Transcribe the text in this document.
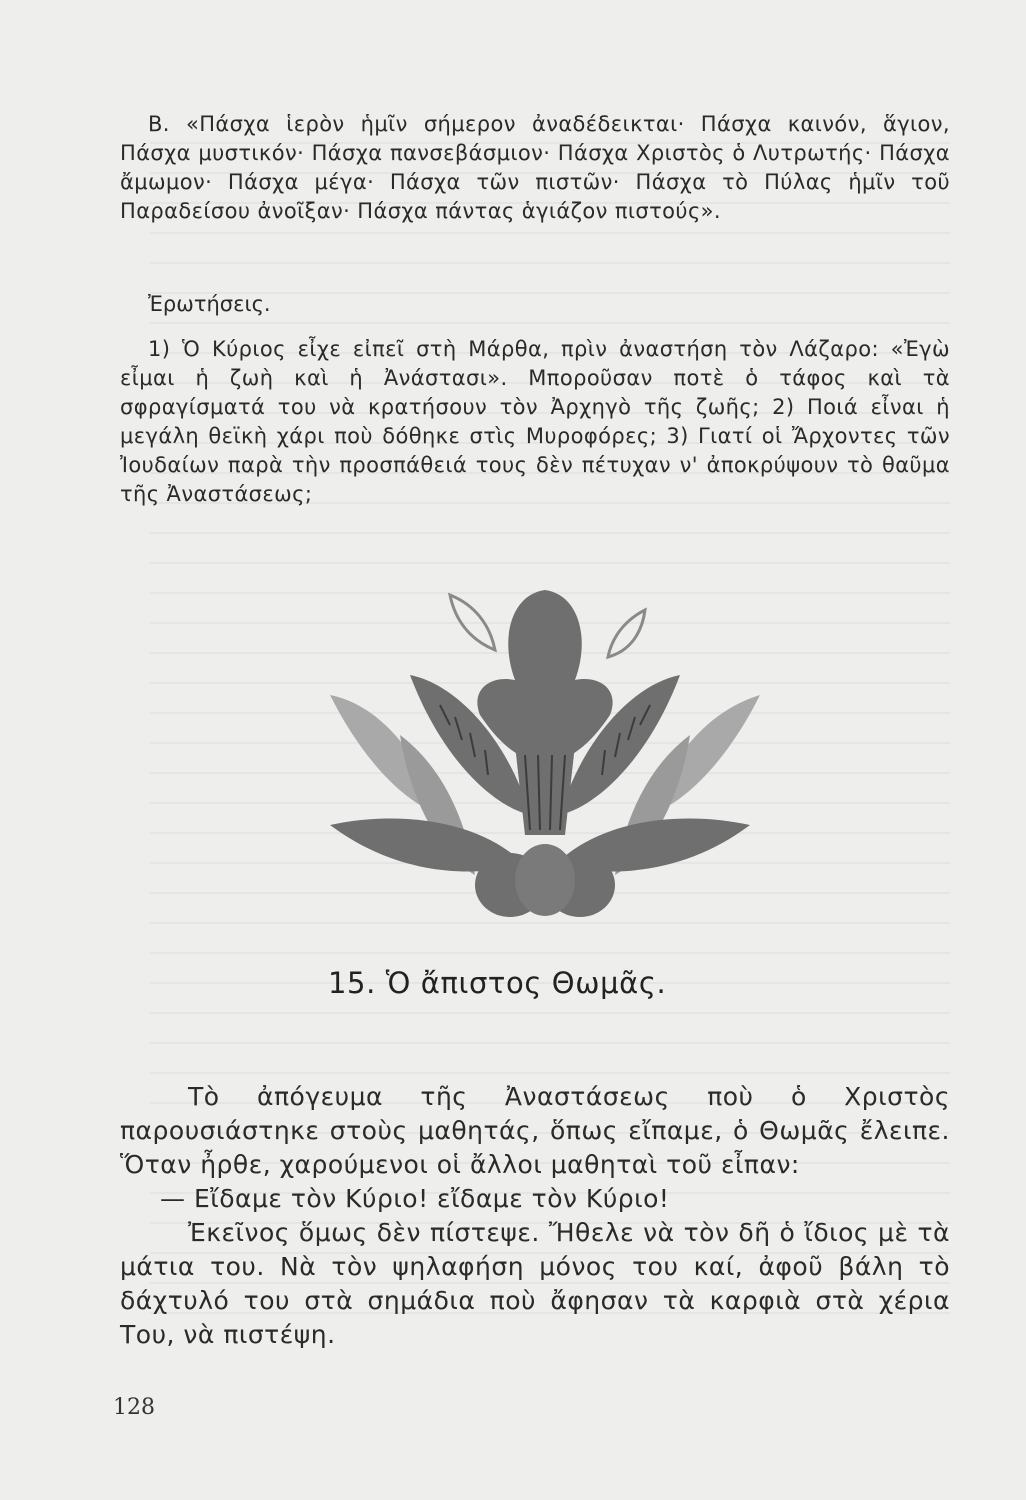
Β. «Πάσχα ἱερὸν ἡμῖν σήμερον ἀναδέδεικται· Πάσχα καινόν, ἅγιον, Πάσχα μυστικόν· Πάσχα πανσεβάσμιον· Πάσχα Χριστὸς ὁ Λυτρωτής· Πάσχα ἄμωμον· Πάσχα μέγα· Πάσχα τῶν πιστῶν· Πάσχα τὸ Πύλας ἡμῖν τοῦ Παραδείσου ἀνοῖξαν· Πάσχα πάντας ἁγιάζον πιστούς».
Ἐρωτήσεις.
1) Ὁ Κύριος εἶχε εἰπεῖ στὴ Μάρθα, πρὶν ἀναστήση τὸν Λάζαρο: «Ἐγὼ εἶμαι ἡ ζωὴ καὶ ἡ Ἀνάστασι». Μποροῦσαν ποτὲ ὁ τάφος καὶ τὰ σφραγίσματά του νὰ κρατήσουν τὸν Ἀρχηγὸ τῆς ζωῆς; 2) Ποιά εἶναι ἡ μεγάλη θεϊκὴ χάρι ποὺ δόθηκε στὶς Μυροφόρες; 3) Γιατί οἱ Ἄρχοντες τῶν Ἰουδαίων παρὰ τὴν προσπάθειά τους δὲν πέτυχαν ν' ἀποκρύψουν τὸ θαῦμα τῆς Ἀναστάσεως;
15. Ὁ ἄπιστος Θωμᾶς.

Τὸ ἀπόγευμα τῆς Ἀναστάσεως ποὺ ὁ Χριστὸς παρουσιάστηκε στοὺς μαθητάς, ὅπως εἴπαμε, ὁ Θωμᾶς ἔλειπε. Ὅταν ἦρθε, χαρούμενοι οἱ ἄλλοι μαθηταὶ τοῦ εἶπαν:

— Εἴδαμε τὸν Κύριο! εἴδαμε τὸν Κύριο!

Ἐκεῖνος ὅμως δὲν πίστεψε. Ἤθελε νὰ τὸν δῆ ὁ ἴδιος μὲ τὰ μάτια του. Νὰ τὸν ψηλαφήση μόνος του καί, ἀφοῦ βάλη τὸ δάχτυλό του στὰ σημάδια ποὺ ἄφησαν τὰ καρφιὰ στὰ χέρια Του, νὰ πιστέψη.

128
